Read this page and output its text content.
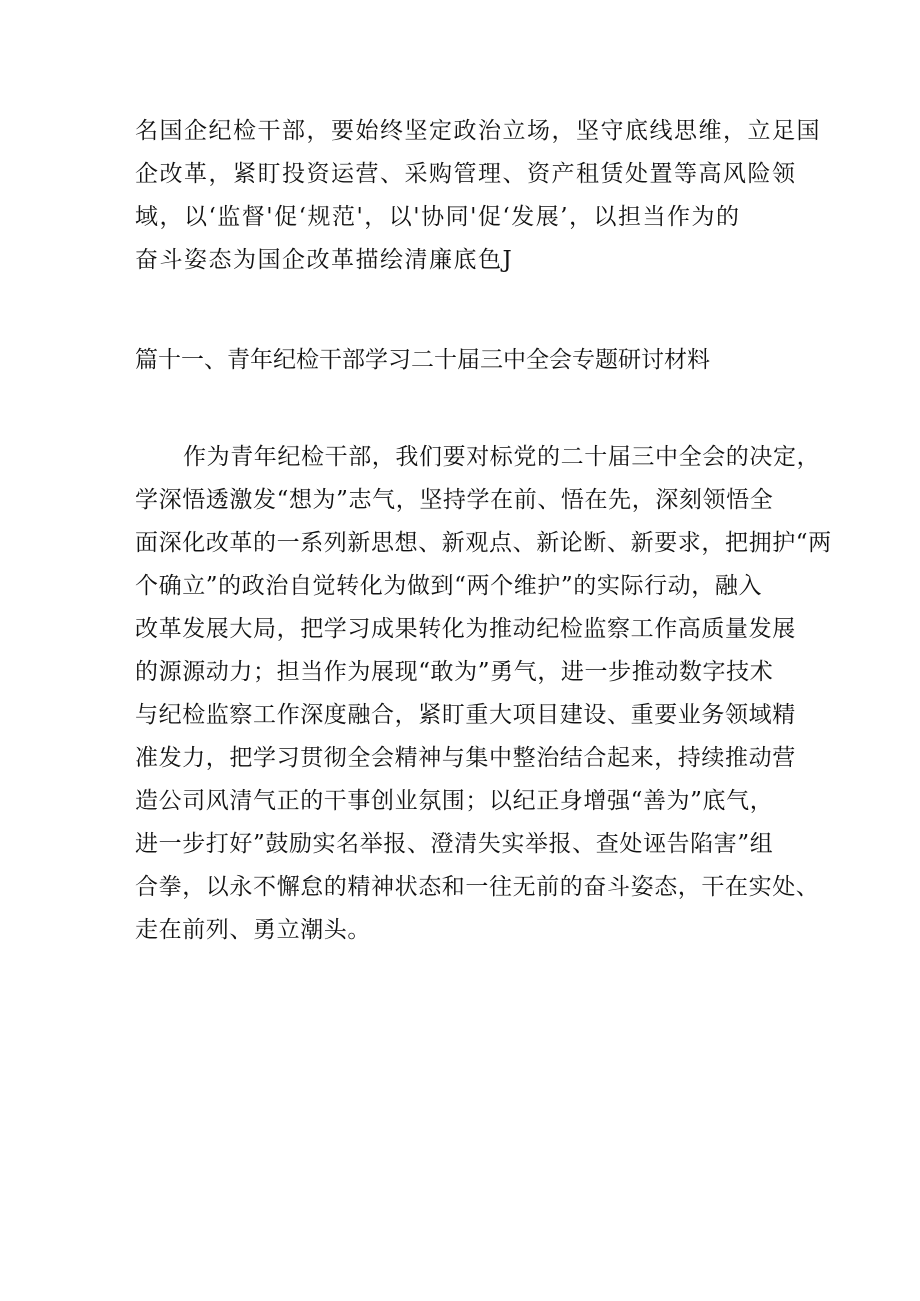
名国企纪检干部，要始终坚定政治立场，坚守底线思维，立足国
企改革，紧盯投资运营、采购管理、资产租赁处置等高风险领
域，以‘监督'促‘规范'，以'协同'促‘发展’，以担当作为的
奋斗姿态为国企改革描绘清廉底色J
篇十一、青年纪检干部学习二十届三中全会专题研讨材料
作为青年纪检干部，我们要对标党的二十届三中全会的决定，
学深悟透激发“想为”志气，坚持学在前、悟在先，深刻领悟全
面深化改革的一系列新思想、新观点、新论断、新要求，把拥护“两
个确立”的政治自觉转化为做到“两个维护”的实际行动，融入
改革发展大局，把学习成果转化为推动纪检监察工作高质量发展
的源源动力；担当作为展现“敢为”勇气，进一步推动数字技术
与纪检监察工作深度融合，紧盯重大项目建设、重要业务领域精
准发力，把学习贯彻全会精神与集中整治结合起来，持续推动营
造公司风清气正的干事创业氛围；以纪正身增强“善为”底气，
进一步打好”鼓励实名举报、澄清失实举报、查处诬告陷害”组
合拳，以永不懈怠的精神状态和一往无前的奋斗姿态，干在实处、
走在前列、勇立潮头。
